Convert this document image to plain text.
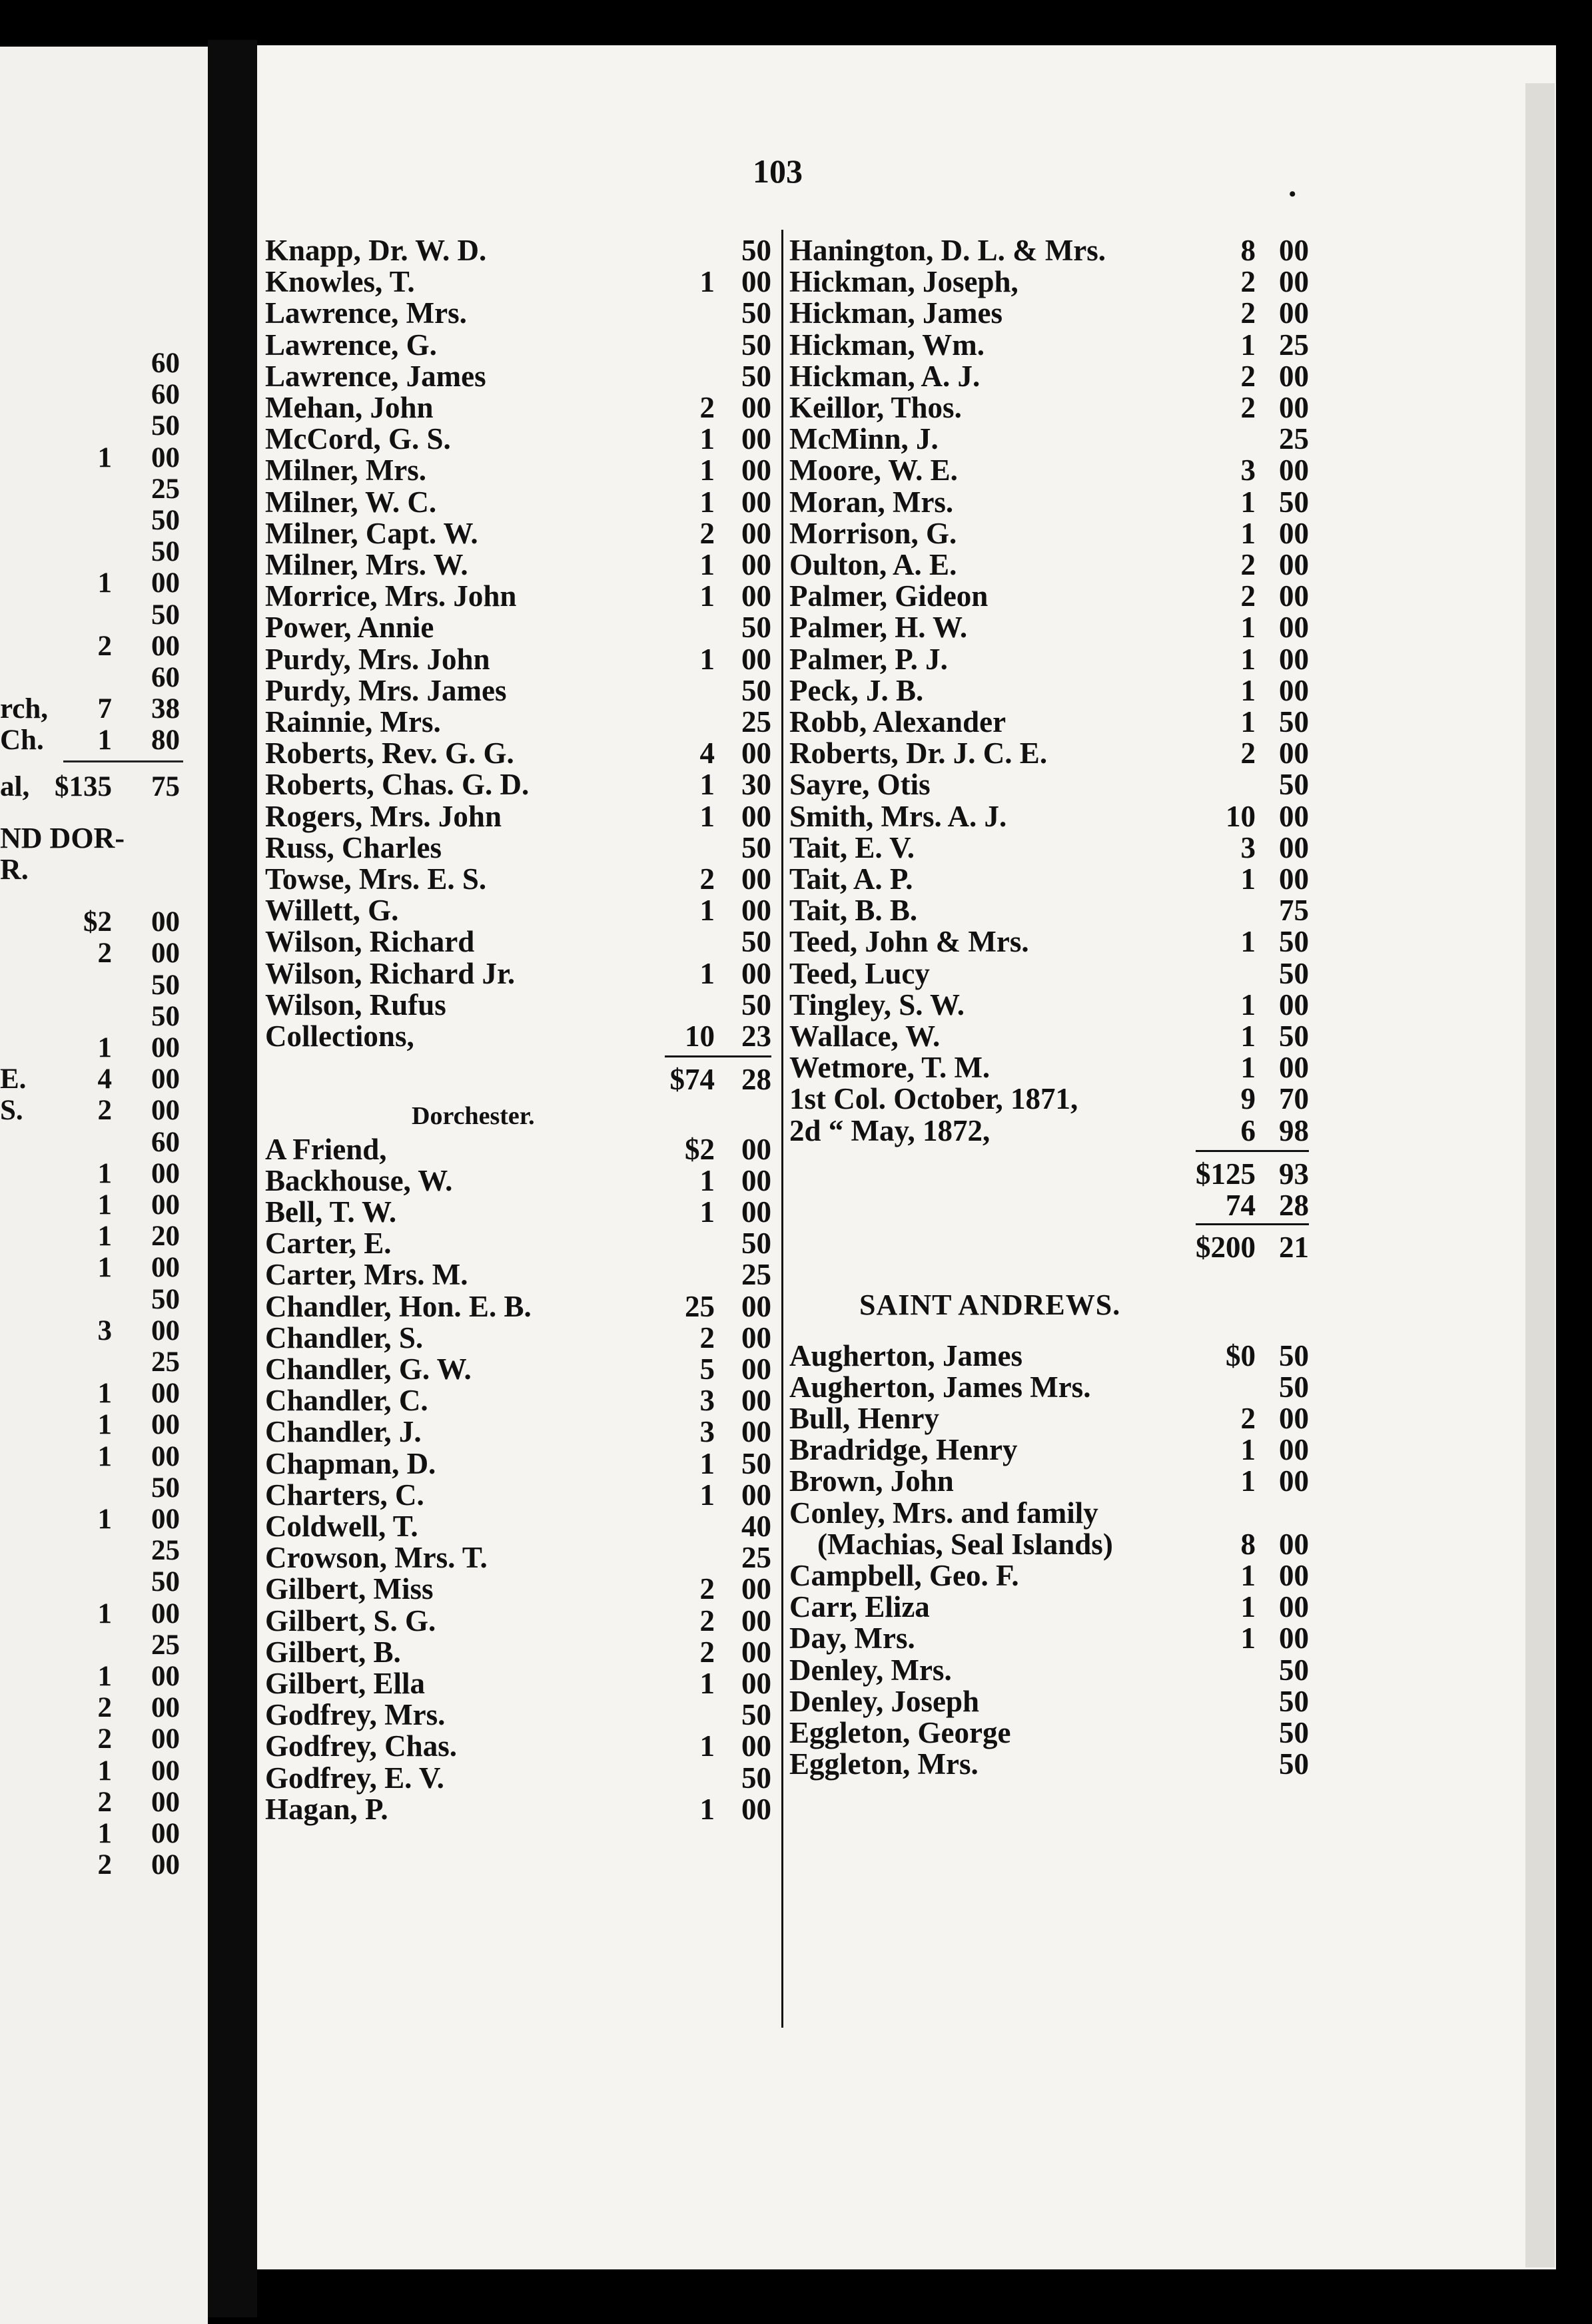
60
60
50
1	00
25
50
50
1	00
50
2	00
60
rch, 7	38
Ch. 1	80
al, $135	75
ND DOR-
R.
$2	00
2	00
50
50
1	00
E. 4	00
S.	2	00
60
1	00
1	00
1	20
1	00
50
3	00
25
1	00
1	00
1	00
50
1	00
25
50
1	00
25
1	00
2	00
2	00
1	00
2	00
1	00
2	00
103
•
Knapp, Dr. W. D.	50
Knowles, T.	1 00
Lawrence, Mrs.	50
Lawrence, G.	50
Lawrence, James	50
Mehan, John	2 00
McCord, G. S.	1 00
Milner, Mrs.	1 00
Milner, W. C.	1 00
Milner, Capt. W.	2 00
Milner, Mrs. W.	1 00
Morrice, Mrs. John	1 00
Power, Annie	50
Purdy, Mrs. John	1 00
Purdy, Mrs. James	50
Rainnie, Mrs.	25
Roberts, Rev. G. G.	4 00
Roberts, Chas. G. D.	1 30
Rogers, Mrs. John	1 00
Russ, Charles	50
Towse, Mrs. E. S.	2 00
Willett, G.	1 00
Wilson, Richard	50
Wilson, Richard Jr.	1 00
Wilson, Rufus	50
Collections,	10 23
$74 28
Dorchester.
A Friend,	$2 00
Backhouse, W.	1 00
Bell, T. W.	1 00
Carter, E.	50
Carter, Mrs. M.	25
Chandler, Hon. E. B.	25 00
Chandler, S.	2 00
Chandler, G. W.	5 00
Chandler, C.	3 00
Chandler, J.	3 00
Chapman, D.	1 50
Charters, C.	1 00
Coldwell, T.	40
Crowson, Mrs. T.	25
Gilbert, Miss	2 00
Gilbert, S. G.	2 00
Gilbert, B.	2 00
Gilbert, Ella	1 00
Godfrey, Mrs.	50
Godfrey, Chas.	1 00
Godfrey, E. V.	50
Hagan, P.	1 00
Hanington, D. L. & Mrs.	8 00
Hickman, Joseph,	2 00
Hickman, James	2 00
Hickman, Wm.	1 25
Hickman, A. J.	2 00
Keillor, Thos.	2 00
McMinn, J.	25
Moore, W. E.	3 00
Moran, Mrs.	1 50
Morrison, G.	1 00
Oulton, A. E.	2 00
Palmer, Gideon	2 00
Palmer, H. W.	1 00
Palmer, P. J.	1 00
Peck, J. B.	1 00
Robb, Alexander	1 50
Roberts, Dr. J. C. E.	2 00
Sayre, Otis	50
Smith, Mrs. A. J.	10 00
Tait, E. V.	3 00
Tait, A. P.	1 00
Tait, B. B.	75
Teed, John & Mrs.	1 50
Teed, Lucy	50
Tingley, S. W.	1 00
Wallace, W.	1 50
Wetmore, T. M.	1 00
1st Col. October, 1871,	9 70
2d “ May, 1872,	6 98
$125 93
74 28
$200 21
SAINT ANDREWS.
Augherton, James	$0 50
Augherton, James Mrs.	50
Bull, Henry	2 00
Bradridge, Henry	1 00
Brown, John	1 00
Conley, Mrs. and family
(Machias, Seal Islands)	8 00
Campbell, Geo. F.	1 00
Carr, Eliza	1 00
Day, Mrs.	1 00
Denley, Mrs.	50
Denley, Joseph	50
Eggleton, George	50
Eggleton, Mrs.	50
